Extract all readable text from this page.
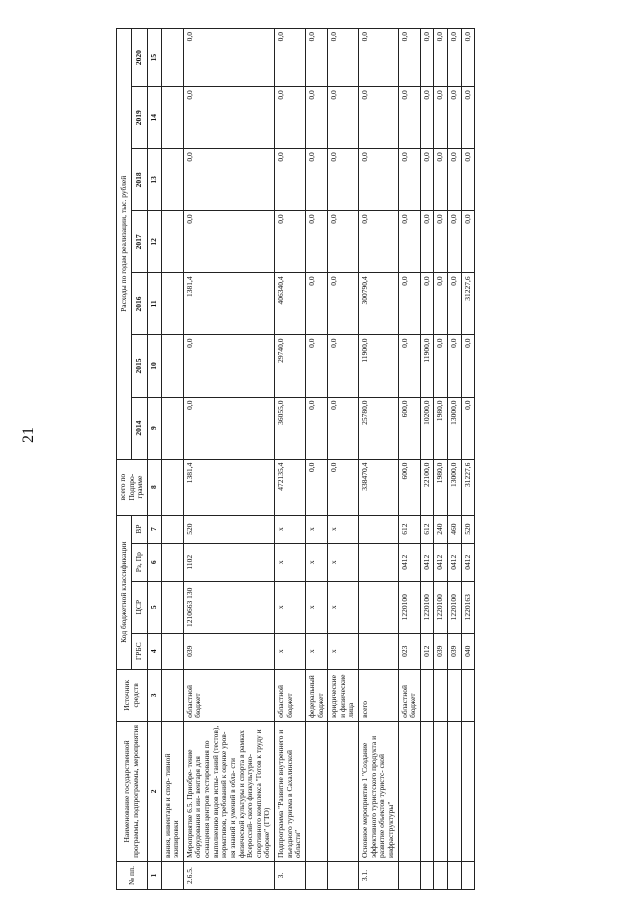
21
№ пп.	Наименование государственной программы, подпрограммы, мероприятия	Источник средств	Код бюджетной классификации				всего по Подпро- грамме	Расходы по годам реализации, тыс. рублей						
			ГРБС	ЦСР	Рз, Пр	ВР		2014	2015	2016	2017	2018	2019	2020
1	2	3	4	5	6	7	8	9	10	11	12	13	14	15
	вания, инвентаря и спор- тивной экипировки													
2.6.5.	Мероприятие 6.5. Приобре- тение оборудования и ин- вентаря для оснащения центров тестирования по выполнению видов испы- таний (тестов), нормативов, требований к оценке уров- ня знаний и умений в обла- сти физической культуры и спорта в рамках Всероссий- ского физкультурно- спортивного комплекса "Готов к труду и обороне" (ГТО)	областной бюджет	039	1210663 130	1102	520	1381,4	0,0	0,0	1381,4	0,0	0,0	0,0	0,0
3.	Подпрограмма "Развитие внутреннего и въездного туризма в Сахалинской области"	областной бюджет	x	x	x	x	472135,4	36055,0	29740,0	406340,4	0,0	0,0	0,0	0,0
		федеральный бюджет	x	x	x	x	0,0	0,0	0,0	0,0	0,0	0,0	0,0	0,0
		юридические и физические лица	x	x	x	x	0,0	0,0	0,0	0,0	0,0	0,0	0,0	0,0
3.1.	Основное мероприятие 1 "Создание эффективного туристского продукта и развитие объектов туристс- ской инфраструктуры"	всего					338470,4	25780,0	11900,0	300790,4	0,0	0,0	0,0	0,0
		областной бюджет	023	1220100	0412	612	600,0	600,0	0,0	0,0	0,0	0,0	0,0	0,0
			012	1220100	0412	612	22100,0	10200,0	11900,0	0,0	0,0	0,0	0,0	0,0
			039	1220100	0412	240	1980,0	1980,0	0,0	0,0	0,0	0,0	0,0	0,0
			039	1220100	0412	460	13000,0	13000,0	0,0	0,0	0,0	0,0	0,0	0,0
			040	1220163	0412	520	31227,6	0,0	0,0	31227,6	0,0	0,0	0,0	0,0
